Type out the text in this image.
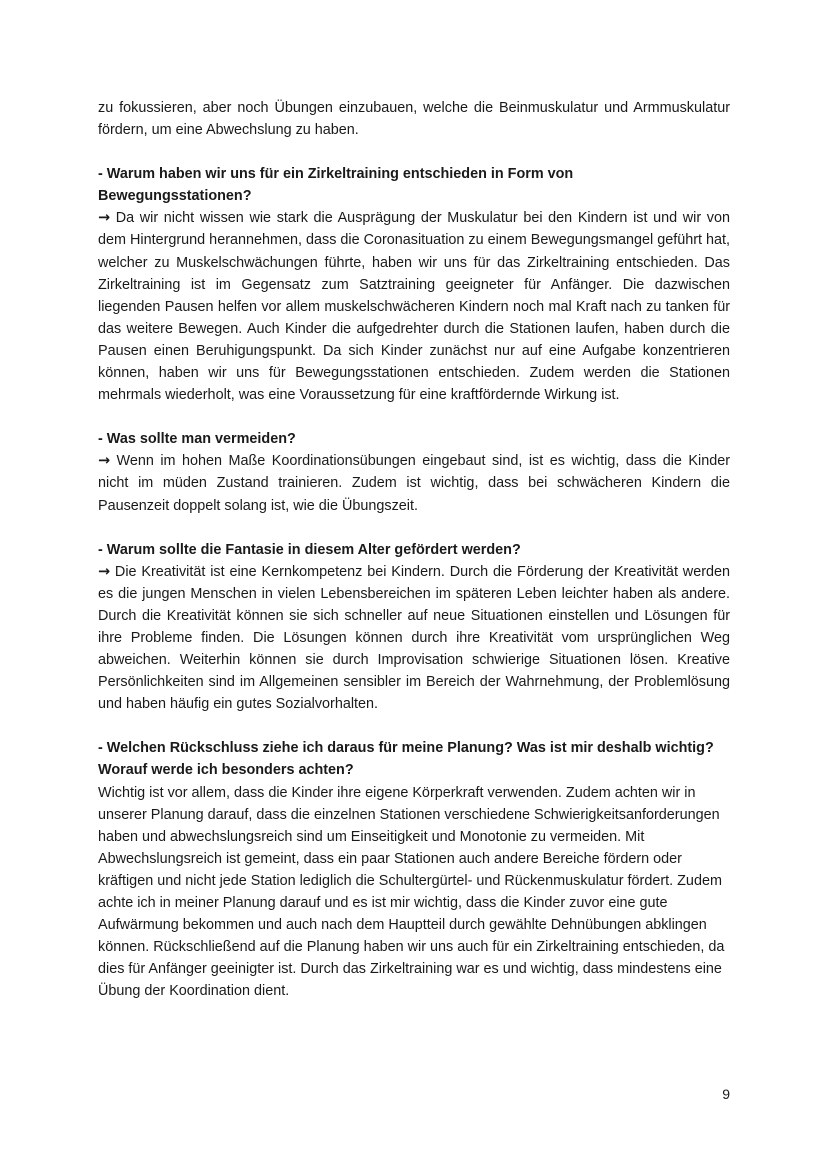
zu fokussieren, aber noch Übungen einzubauen, welche die Beinmuskulatur und Armmuskulatur fördern, um eine Abwechslung zu haben.

- Warum haben wir uns für ein Zirkeltraining entschieden in Form von Bewegungsstationen?

→ Da wir nicht wissen wie stark die Ausprägung der Muskulatur bei den Kindern ist und wir von dem Hintergrund herannehmen, dass die Coronasituation zu einem Bewegungsmangel geführt hat, welcher zu Muskelschwächungen führte, haben wir uns für das Zirkeltraining entschieden. Das Zirkeltraining ist im Gegensatz zum Satztraining geeigneter für Anfänger. Die dazwischen liegenden Pausen helfen vor allem muskelschwächeren Kindern noch mal Kraft nach zu tanken für das weitere Bewegen. Auch Kinder die aufgedrehter durch die Stationen laufen, haben durch die Pausen einen Beruhigungspunkt. Da sich Kinder zunächst nur auf eine Aufgabe konzentrieren können, haben wir uns für Bewegungsstationen entschieden. Zudem werden die Stationen mehrmals wiederholt, was eine Voraussetzung für eine kraftfördernde Wirkung ist.

- Was sollte man vermeiden?

→ Wenn im hohen Maße Koordinationsübungen eingebaut sind, ist es wichtig, dass die Kinder nicht im müden Zustand trainieren. Zudem ist wichtig, dass bei schwächeren Kindern die Pausenzeit doppelt solang ist, wie die Übungszeit.

- Warum sollte die Fantasie in diesem Alter gefördert werden?

→ Die Kreativität ist eine Kernkompetenz bei Kindern. Durch die Förderung der Kreativität werden es die jungen Menschen in vielen Lebensbereichen im späteren Leben leichter haben als andere. Durch die Kreativität können sie sich schneller auf neue Situationen einstellen und Lösungen für ihre Probleme finden. Die Lösungen können durch ihre Kreativität vom ursprünglichen Weg abweichen. Weiterhin können sie durch Improvisation schwierige Situationen lösen. Kreative Persönlichkeiten sind im Allgemeinen sensibler im Bereich der Wahrnehmung, der Problemlösung und haben häufig ein gutes Sozialvorhalten.

- Welchen Rückschluss ziehe ich daraus für meine Planung? Was ist mir deshalb wichtig?

Worauf werde ich besonders achten?

Wichtig ist vor allem, dass die Kinder ihre eigene Körperkraft verwenden. Zudem achten wir in unserer Planung darauf, dass die einzelnen Stationen verschiedene Schwierigkeitsanforderungen haben und abwechslungsreich sind um Einseitigkeit und Monotonie zu vermeiden. Mit Abwechslungsreich ist gemeint, dass ein paar Stationen auch andere Bereiche fördern oder kräftigen und nicht jede Station lediglich die Schultergürtel- und Rückenmuskulatur fördert. Zudem achte ich in meiner Planung darauf und es ist mir wichtig, dass die Kinder zuvor eine gute Aufwärmung bekommen und auch nach dem Hauptteil durch gewählte Dehnübungen abklingen können. Rückschließend auf die Planung haben wir uns auch für ein Zirkeltraining entschieden, da dies für Anfänger geeinigter ist. Durch das Zirkeltraining war es und wichtig, dass mindestens eine Übung der Koordination dient.

9
